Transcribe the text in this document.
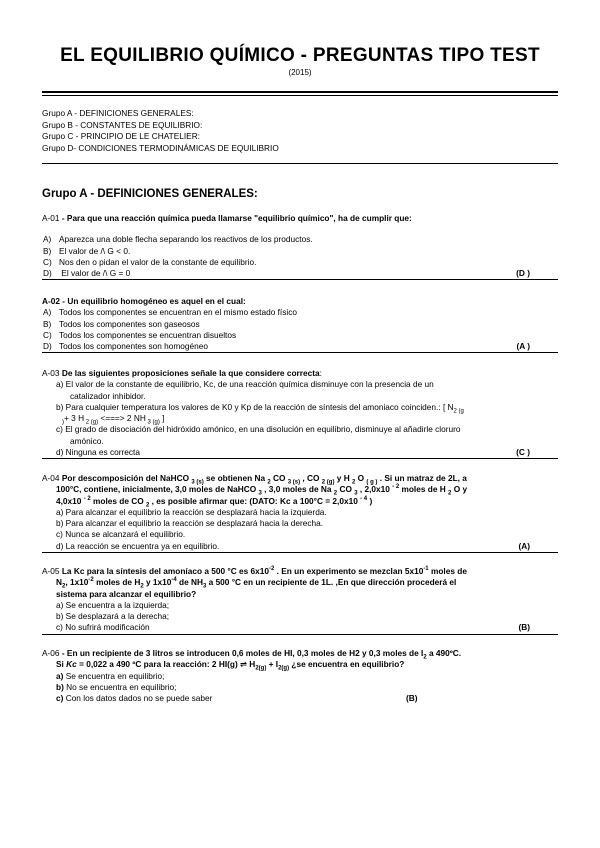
EL EQUILIBRIO QUÍMICO - PREGUNTAS TIPO TEST
(2015)
Grupo A - DEFINICIONES GENERALES:
Grupo B - CONSTANTES DE EQUILIBRIO:
Grupo C - PRINCIPIO DE LE CHATELIER:
Grupo D- CONDICIONES TERMODINÁMICAS DE EQUILIBRIO
Grupo A - DEFINICIONES GENERALES:
A-01 - Para que una reacción química pueda llamarse "equilibrio químico", ha de cumplir que:
A) Aparezca una doble flecha separando los reactivos de los productos.
B) El valor de /\ G < 0.
C) Nos den o pidan el valor de la constante de equilibrio.
D) El valor de /\ G = 0	(D )
A-02 - Un equilibrio homogéneo es aquel en el cual:
A) Todos los componentes se encuentran en el mismo estado físico
B) Todos los componentes son gaseosos
C) Todos los componentes se encuentran disueltos
D) Todos los componentes son homogéneo	(A )
A-03 De las siguientes proposiciones señale la que considere correcta:
a) El valor de la constante de equilibrio, Kc, de una reacción química disminuye con la presencia de un
catalizador inhibidor.
b) Para cualquier temperatura los valores de K0 y Kp de la reacción de síntesis del amoniaco coinciden.: [ $N_{2 (g}$
$_)$+ 3 H $_{2 (g)}$ <===> 2 NH $_{3 (g)}$ ]
c) El grado de disociación del hidróxido amónico, en una disolución en equilibrio, disminuye al añadirle cloruro
amónico.
d) Ninguna es correcta	(C )
A-04 Por descomposición del NaHCO $_{3 (s)}$ se obtienen Na $_2$ CO $_{3 (s)}$ , CO $_{2 (g)}$ y H $_2$ O $_{( g )}$ . Si un matraz de 2L, a
100°C, contiene, inicialmente, 3,0 moles de NaHCO $_3$ , 3,0 moles de Na $_2$ CO $_3$ , 2,0x10 $^{- 2}$ moles de H $_2$ O y
4,0x10 $^{- 2}$ moles de CO $_2$ , es posible afirmar que: (DATO: Kc a 100°C = 2,0x10 $^{- 4}$ )
a) Para alcanzar el equilibrio la reacción se desplazará hacia la izquierda.
b) Para alcanzar el equilibrio la reacción se desplazará hacia la derecha.
c) Nunca se alcanzará el equilibrio.
d) La reacción se encuentra ya en equilibrio.	(A)
A-05 La Kc para la síntesis del amoníaco a 500 °C es $6x10^{-2}$ . En un experimento se mezclan $5x10^{-1}$ moles de
$N_2$, $1x10^{-2}$ moles de $H_2$ y $1x10^{-4}$ de $NH_3$ a 500 °C en un recipiente de 1L. ,En que dirección procederá el
sistema para alcanzar el equilibrio?
a) Se encuentra a la izquierda;
b) Se desplazará a la derecha;
c) No sufrirá modificación	(B)
A-06 - En un recipiente de 3 litros se introducen 0,6 moles de HI, 0,3 moles de H2 y 0,3 moles de $I_2$ a 490ºC.
Si Kc = 0,022 a 490 ºC para la reacción: 2 HI(g) ⇌ $H_{2(g)} + I_{2(g)}$ ¿se encuentra en equilibrio?
a) Se encuentra en equilibrio;
b) No se encuentra en equilibrio;
c) Con los datos dados no se puede saber	(B)
